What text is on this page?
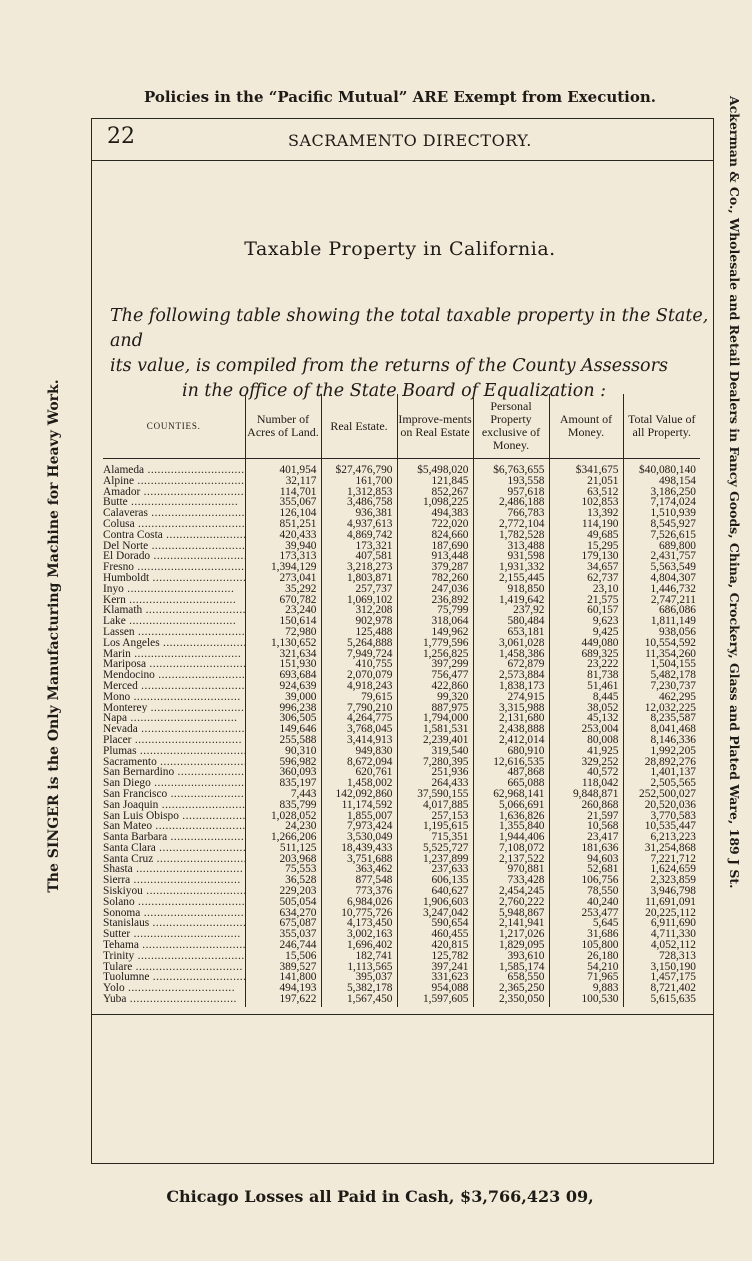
Policies in the “Pacific Mutual” ARE Exempt from Execution.
The SINGER is the Only Manufacturing Machine for Heavy Work.	Ackerman & Co., Wholesale and Retail Dealers in Fancy Goods, China, Crockery, Glass and Plated Ware, 189 J St.
22	SACRAMENTO DIRECTORY.
Taxable Property in California.
The following table showing the total taxable property in the State, and
its value, is compiled from the returns of the County Assessors
in the office of the State Board of Equalization :
COUNTIES.	Number of Acres of Land.	Real Estate.	Improve-ments on Real Estate	Personal Property exclusive of Money.	Amount of Money.	Total Value of all Property.
Alameda .....	401,954	$27,476,790	$5,498,020	$6,763,655	$341,675	$40,080,140
Alpine .....	32,117	161,700	121,845	193,558	21,051	498,154
Amador .....	114,701	1,312,853	852,267	957,618	63,512	3,186,250
Butte .....	355,067	3,486,758	1,098,225	2,486,188	102,853	7,174,024
Calaveras .....	126,104	936,381	494,383	766,783	13,392	1,510,939
Colusa .....	851,251	4,937,613	722,020	2,772,104	114,190	8,545,927
Contra Costa .....	420,433	4,869,742	824,660	1,782,528	49,685	7,526,615
Del Norte .....	39,940	173,321	187,690	313,488	15,295	689,800
El Dorado .....	173,313	407,581	913,448	931,598	179,130	2,431,757
Fresno .....	1,394,129	3,218,273	379,287	1,931,332	34,657	5,563,549
Humboldt .....	273,041	1,803,871	782,260	2,155,445	62,737	4,804,307
Inyo .....	35,292	257,737	247,036	918,850	23,10	1,446,732
Kern .....	670,782	1,069,102	236,892	1,419,642	21,575	2,747,211
Klamath .....	23,240	312,208	75,799	237,92	60,157	686,086
Lake .....	150,614	902,978	318,064	580,484	9,623	1,811,149
Lassen .....	72,980	125,488	149,962	653,181	9,425	938,056
Los Angeles .....	1,130,652	5,264,888	1,779,596	3,061,028	449,080	10,554,592
Marin .....	321,634	7,949,724	1,256,825	1,458,386	689,325	11,354,260
Mariposa .....	151,930	410,755	397,299	672,879	23,222	1,504,155
Mendocino .....	693,684	2,070,079	756,477	2,573,884	81,738	5,482,178
Merced .....	924,639	4,918,243	422,860	1,838,173	51,461	7,230,737
Mono .....	39,000	79,615	99,320	274,915	8,445	462,295
Monterey .....	996,238	7,790,210	887,975	3,315,988	38,052	12,032,225
Napa .....	306,505	4,264,775	1,794,000	2,131,680	45,132	8,235,587
Nevada .....	149,646	3,768,045	1,581,531	2,438,888	253,004	8,041,468
Placer .....	255,588	3,414,913	2,239,401	2,412,014	80,008	8,146,336
Plumas .....	90,310	949,830	319,540	680,910	41,925	1,992,205
Sacramento .....	596,982	8,672,094	7,280,395	12,616,535	329,252	28,892,276
San Bernardino .....	360,093	620,761	251,936	487,868	40,572	1,401,137
San Diego .....	835,197	1,458,002	264,433	665,088	118,042	2,505,565
San Francisco .....	7,443	142,092,860	37,590,155	62,968,141	9,848,871	252,500,027
San Joaquin .....	835,799	11,174,592	4,017,885	5,066,691	260,868	20,520,036
San Luis Obispo .....	1,028,052	1,855,007	257,153	1,636,826	21,597	3,770,583
San Mateo .....	24,230	7,973,424	1,195,615	1,355,840	10,568	10,535,447
Santa Barbara .....	1,266,206	3,530,049	715,351	1,944,406	23,417	6,213,223
Santa Clara .....	511,125	18,439,433	5,525,727	7,108,072	181,636	31,254,868
Santa Cruz .....	203,968	3,751,688	1,237,899	2,137,522	94,603	7,221,712
Shasta .....	75,553	363,462	237,633	970,881	52,681	1,624,659
Sierra .....	36,528	877,548	606,135	733,428	106,756	2,323,859
Siskiyou .....	229,203	773,376	640,627	2,454,245	78,550	3,946,798
Solano .....	505,054	6,984,026	1,906,603	2,760,222	40,240	11,691,091
Sonoma .....	634,270	10,775,726	3,247,042	5,948,867	253,477	20,225,112
Stanislaus .....	675,087	4,173,450	590,654	2,141,941	5,645	6,911,690
Sutter .....	355,037	3,002,163	460,455	1,217,026	31,686	4,711,330
Tehama .....	246,744	1,696,402	420,815	1,829,095	105,800	4,052,112
Trinity .....	15,506	182,741	125,782	393,610	26,180	728,313
Tulare .....	389,527	1,113,565	397,241	1,585,174	54,210	3,150,190
Tuolumne .....	141,800	395,037	331,623	658,550	71,965	1,457,175
Yolo .....	494,193	5,382,178	954,088	2,365,250	9,883	8,721,402
Yuba .....	197,622	1,567,450	1,597,605	2,350,050	100,530	5,615,635
Chicago Losses all Paid in Cash, $3,766,423 09,
